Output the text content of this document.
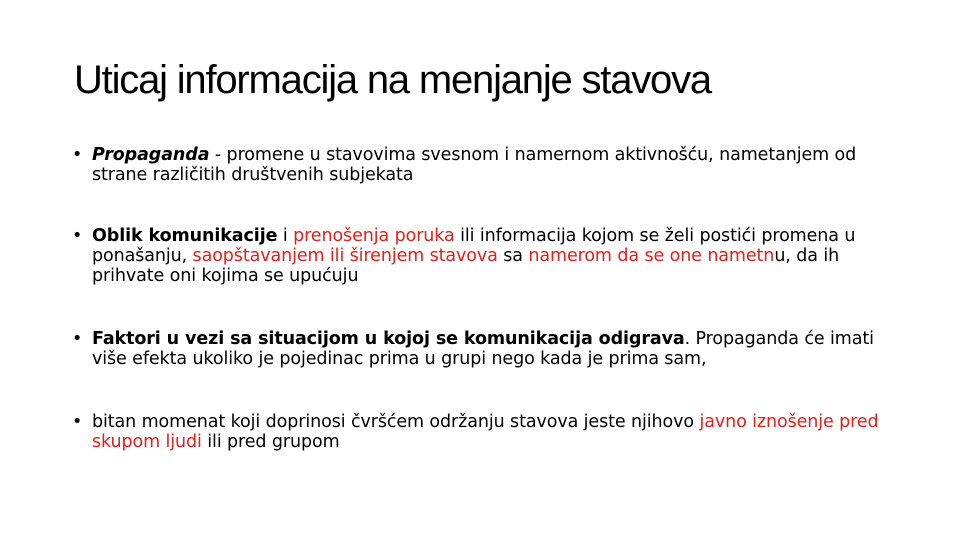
Uticaj informacija na menjanje stavova
• Propaganda - promene u stavovima svesnom i namernom aktivnošću, nametanjem od strane različitih društvenih subjekata
• Oblik komunikacije i prenošenja poruka ili informacija kojom se želi postići promena u ponašanju, saopštavanjem ili širenjem stavova sa namerom da se one nametnu, da ih prihvate oni kojima se upućuju
• Faktori u vezi sa situacijom u kojoj se komunikacija odigrava. Propaganda će imati više efekta ukoliko je pojedinac prima u grupi nego kada je prima sam,
• bitan momenat koji doprinosi čvršćem održanju stavova jeste njihovo javno iznošenje pred skupom ljudi ili pred grupom
